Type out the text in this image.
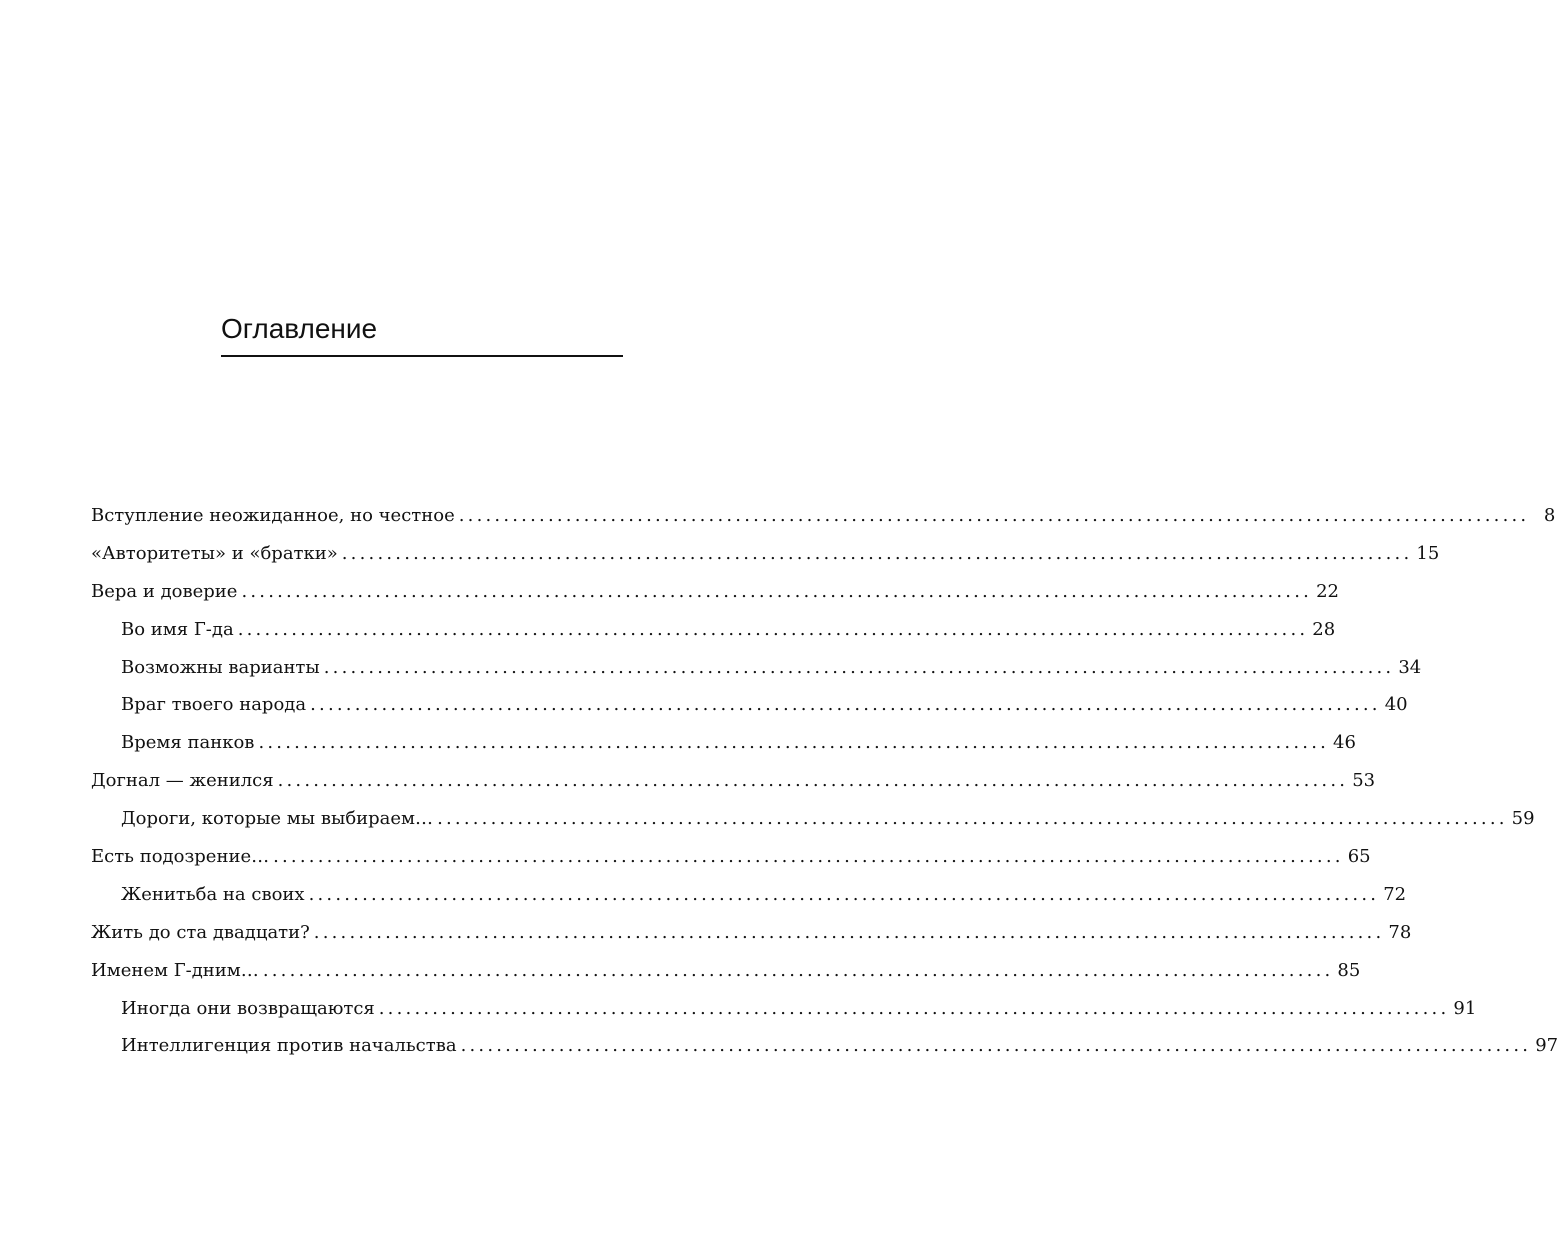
Оглавление
Вступление неожиданное, но честное ........................................................................................................................ 8
«Авторитеты» и «братки» ........................................................................................................................ 15
Вера и доверие ........................................................................................................................ 22
Во имя Г-да ........................................................................................................................ 28
Возможны варианты ........................................................................................................................ 34
Враг твоего народа ........................................................................................................................ 40
Время панков ........................................................................................................................ 46
Догнал — женился ........................................................................................................................ 53
Дороги, которые мы выбираем… ........................................................................................................................ 59
Есть подозрение… ........................................................................................................................ 65
Женитьба на своих ........................................................................................................................ 72
Жить до ста двадцати? ........................................................................................................................ 78
Именем Г-дним… ........................................................................................................................ 85
Иногда они возвращаются ........................................................................................................................ 91
Интеллигенция против начальства ........................................................................................................................ 97
